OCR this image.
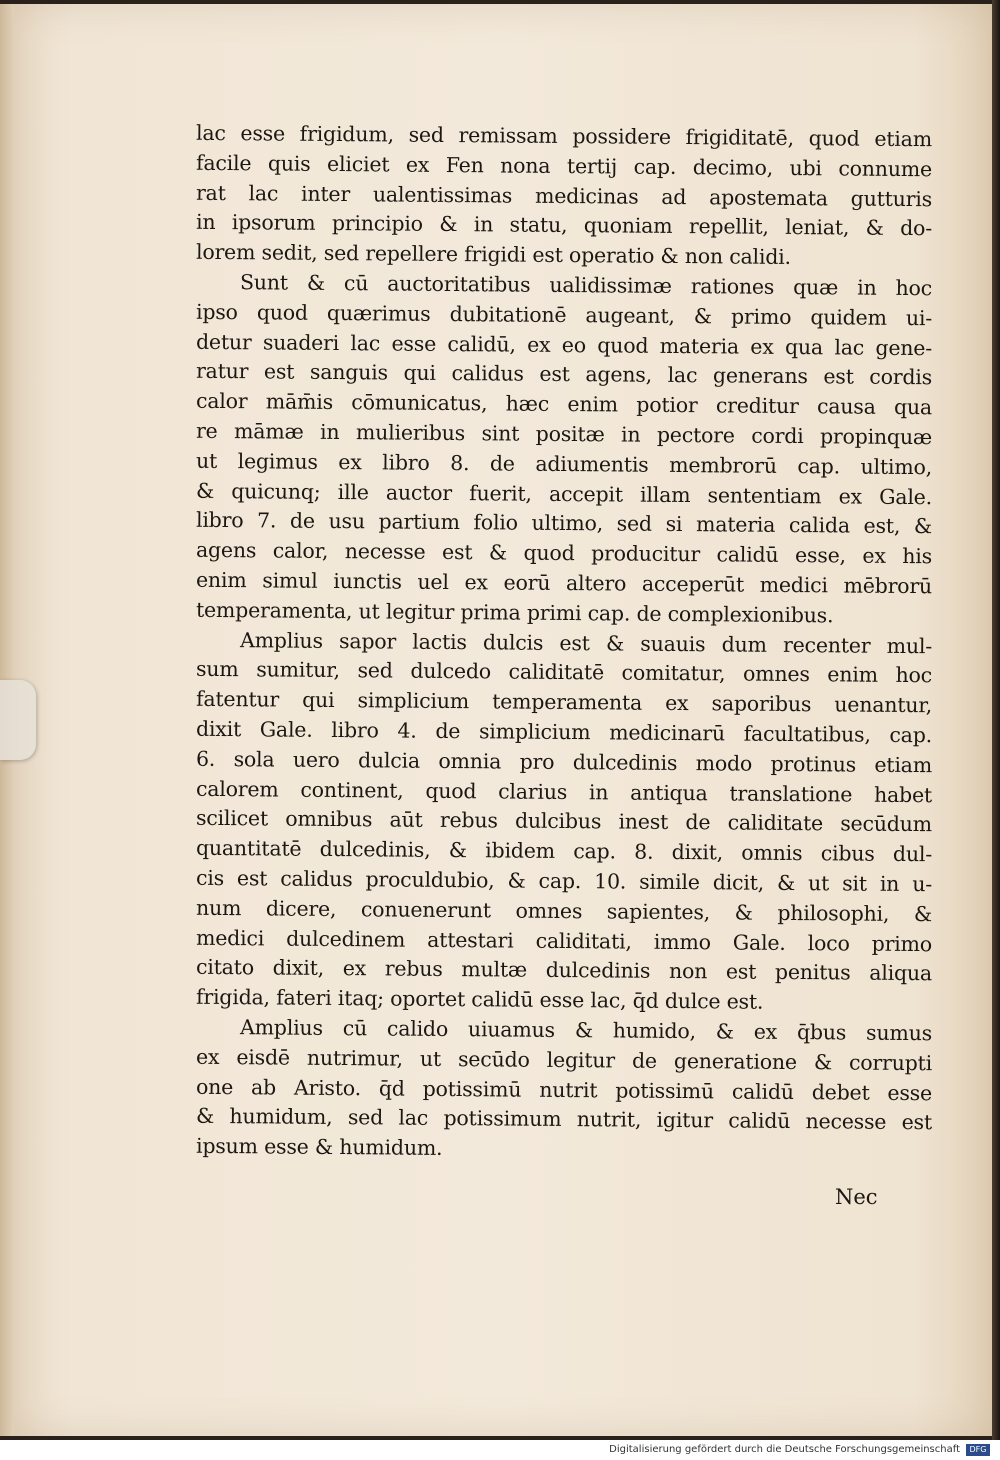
lac esse frigidum, sed remissam possidere frigiditatē, quod etiam
facile quis eliciet ex Fen nona tertij cap. decimo, ubi connume
rat lac inter ualentissimas medicinas ad apostemata gutturis
in ipsorum principio & in statu, quoniam repellit, leniat, & do-
lorem sedit, sed repellere frigidi est operatio & non calidi.
Sunt & cū auctoritatibus ualidissimæ rationes quæ in hoc
ipso quod quærimus dubitationē augeant, & primo quidem ui-
detur suaderi lac esse calidū, ex eo quod materia ex qua lac gene-
ratur est sanguis qui calidus est agens, lac generans est cordis
calor mām̄is cōmunicatus, hæc enim potior creditur causa qua
re māmæ in mulieribus sint positæ in pectore cordi propinquæ
ut legimus ex libro 8. de adiumentis membrorū cap. ultimo,
& quicunq; ille auctor fuerit, accepit illam sententiam ex Gale.
libro 7. de usu partium folio ultimo, sed si materia calida est, &
agens calor, necesse est & quod producitur calidū esse, ex his
enim simul iunctis uel ex eorū altero acceperūt medici mēbrorū
temperamenta, ut legitur prima primi cap. de complexionibus.
Amplius sapor lactis dulcis est & suauis dum recenter mul-
sum sumitur, sed dulcedo caliditatē comitatur, omnes enim hoc
fatentur qui simplicium temperamenta ex saporibus uenantur,
dixit Gale. libro 4. de simplicium medicinarū facultatibus, cap.
6. sola uero dulcia omnia pro dulcedinis modo protinus etiam
calorem continent, quod clarius in antiqua translatione habet
scilicet omnibus aūt rebus dulcibus inest de caliditate secūdum
quantitatē dulcedinis, & ibidem cap. 8. dixit, omnis cibus dul-
cis est calidus proculdubio, & cap. 10. simile dicit, & ut sit in u-
num dicere, conuenerunt omnes sapientes, & philosophi, &
medici dulcedinem attestari caliditati, immo Gale. loco primo
citato dixit, ex rebus multæ dulcedinis non est penitus aliqua
frigida, fateri itaq; oportet calidū esse lac, q̄d dulce est.
Amplius cū calido uiuamus & humido, & ex q̄bus sumus
ex eisdē nutrimur, ut secūdo legitur de generatione & corrupti
one ab Aristo. q̄d potissimū nutrit potissimū calidū debet esse
& humidum, sed lac potissimum nutrit, igitur calidū necesse est
ipsum esse & humidum.
Nec
Digitalisierung gefördert durch die Deutsche Forschungsgemeinschaft	DFG
